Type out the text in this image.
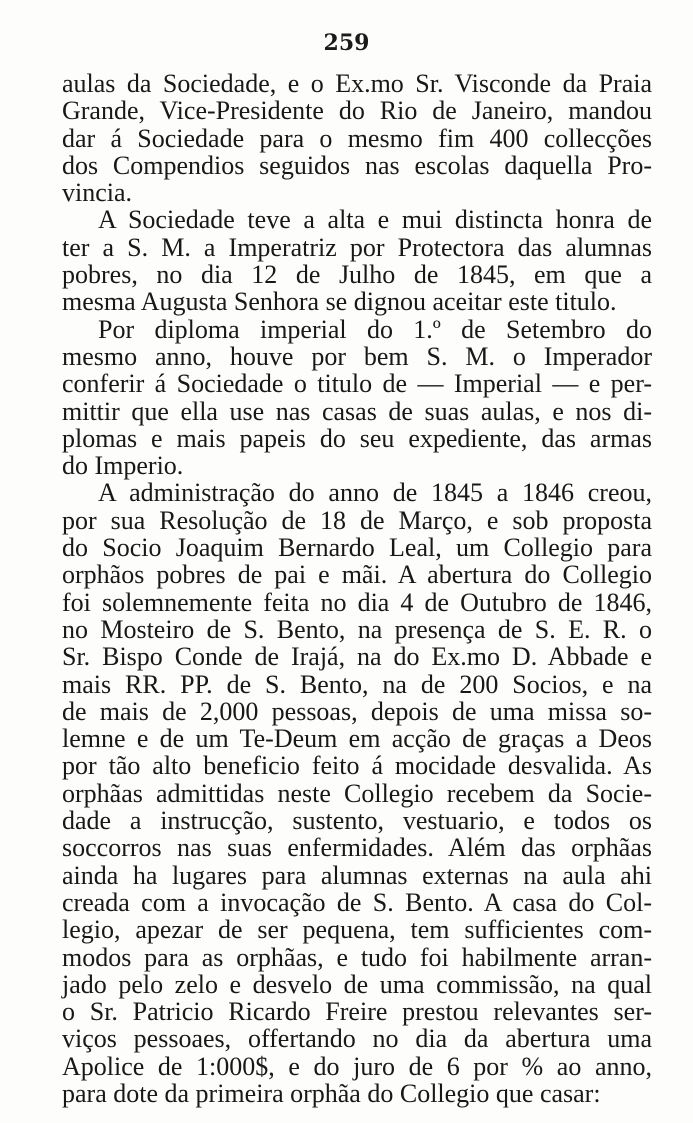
259
aulas da Sociedade, e o Ex.mo Sr. Visconde da Praia
Grande, Vice-Presidente do Rio de Janeiro, mandou
dar á Sociedade para o mesmo fim 400 collecções
dos Compendios seguidos nas escolas daquella Pro-
vincia.
A Sociedade teve a alta e mui distincta honra de
ter a S. M. a Imperatriz por Protectora das alumnas
pobres, no dia 12 de Julho de 1845, em que a
mesma Augusta Senhora se dignou aceitar este titulo.
Por diploma imperial do 1.º de Setembro do
mesmo anno, houve por bem S. M. o Imperador
conferir á Sociedade o titulo de — Imperial — e per-
mittir que ella use nas casas de suas aulas, e nos di-
plomas e mais papeis do seu expediente, das armas
do Imperio.
A administração do anno de 1845 a 1846 creou,
por sua Resolução de 18 de Março, e sob proposta
do Socio Joaquim Bernardo Leal, um Collegio para
orphãos pobres de pai e mãi. A abertura do Collegio
foi solemnemente feita no dia 4 de Outubro de 1846,
no Mosteiro de S. Bento, na presença de S. E. R. o
Sr. Bispo Conde de Irajá, na do Ex.mo D. Abbade e
mais RR. PP. de S. Bento, na de 200 Socios, e na
de mais de 2,000 pessoas, depois de uma missa so-
lemne e de um Te-Deum em acção de graças a Deos
por tão alto beneficio feito á mocidade desvalida. As
orphãas admittidas neste Collegio recebem da Socie-
dade a instrucção, sustento, vestuario, e todos os
soccorros nas suas enfermidades. Além das orphãas
ainda ha lugares para alumnas externas na aula ahi
creada com a invocação de S. Bento. A casa do Col-
legio, apezar de ser pequena, tem sufficientes com-
modos para as orphãas, e tudo foi habilmente arran-
jado pelo zelo e desvelo de uma commissão, na qual
o Sr. Patricio Ricardo Freire prestou relevantes ser-
viços pessoaes, offertando no dia da abertura uma
Apolice de 1:000$, e do juro de 6 por % ao anno,
para dote da primeira orphãa do Collegio que casar:
